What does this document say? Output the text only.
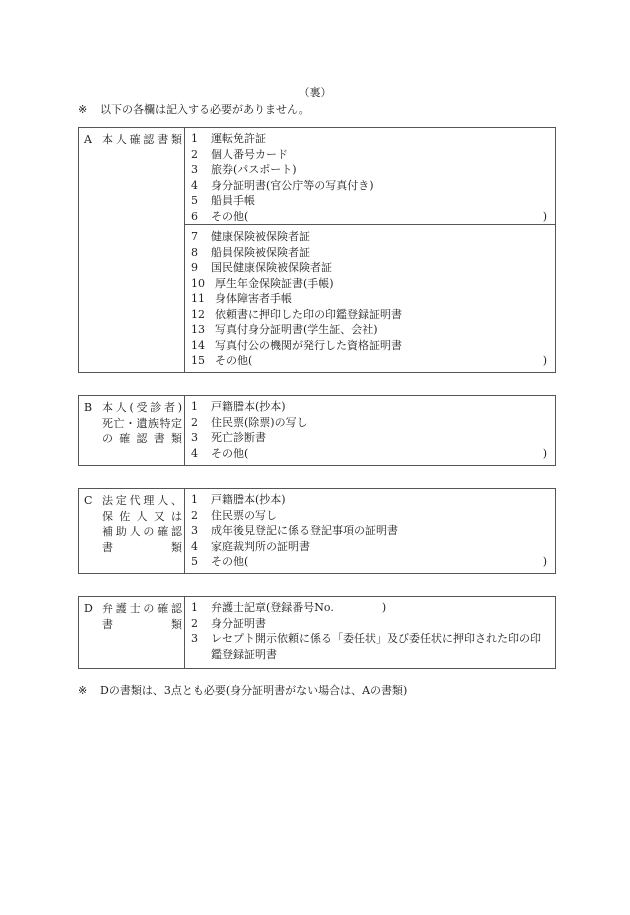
（裏）
※ 以下の各欄は記入する必要がありません。
A 本人確認書類 1	運転免許証
2	個人番号カード
3	旅券(パスポート)
4	身分証明書(官公庁等の写真付き)
5	船員手帳
6	その他(	)
7	健康保険被保険者証
8	船員保険被保険者証
9	国民健康保険被保険者証
10 厚生年金保険証書(手帳)
11 身体障害者手帳
12 依頼書に押印した印の印鑑登録証明書
13 写真付身分証明書(学生証、会社)
14 写真付公の機関が発行した資格証明書
15 その他(	)
B 本人(受診者)
死亡・遺族特定
の確認書類
1	戸籍謄本(抄本)
2	住民票(除票)の写し
3	死亡診断書
4	その他(	)
C 法定代理人、
保佐人又は
補助人の確認
書類
1	戸籍謄本(抄本)
2	住民票の写し
3	成年後見登記に係る登記事項の証明書
4	家庭裁判所の証明書
5	その他(	)
D 弁護士の確認
書類
1	弁護士記章(登録番号No.	)
2	身分証明書
3	レセプト開示依頼に係る「委任状」及び委任状に押印された印の印鑑登録証明書
※ Dの書類は、3点とも必要(身分証明書がない場合は、Aの書類)
